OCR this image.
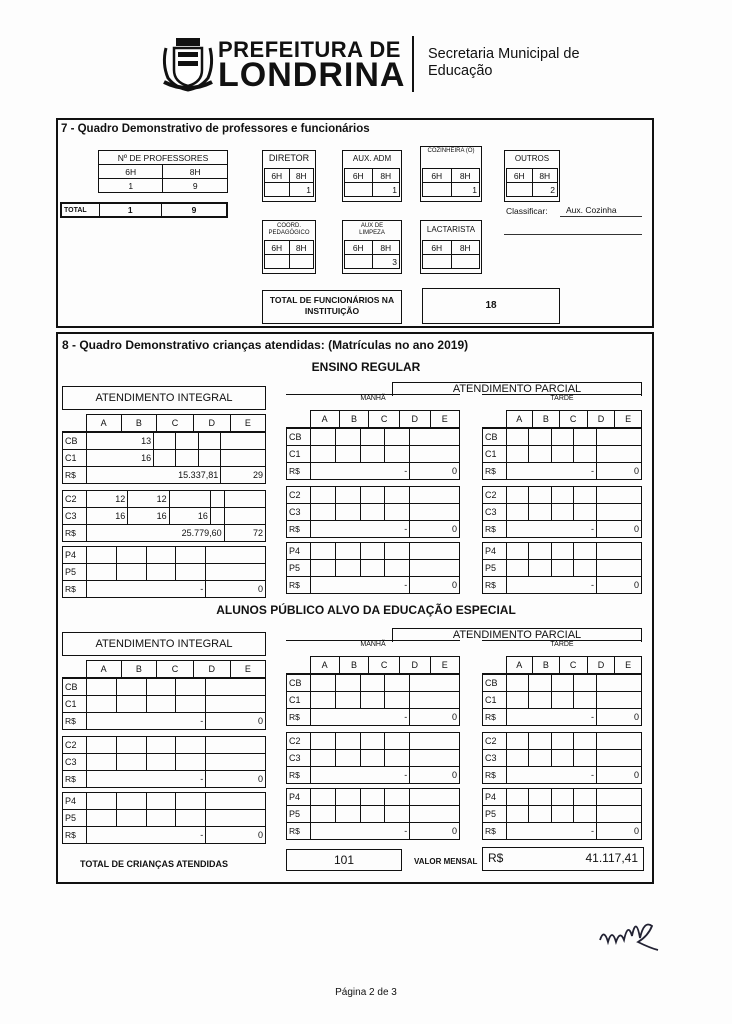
PREFEITURA DE
LONDRINA
Secretaria Municipal de Educação
7 - Quadro Demonstrativo de professores e funcionários
Nº DE PROFESSORES	
6H	8H
1	9
TOTAL	1	9
DIRETOR
6H	8H
	1
AUX. ADM
6H	8H
	1
COZINHEIRA (O)
6H	8H
	1
OUTROS
6H	8H
	2
Classificar: Aux. Cozinha
COORD. PEDAGÓGICO
6H	8H

AUX DE LIMPEZA
6H	8H
	3
LACTARISTA
6H	8H

TOTAL DE FUNCIONÁRIOS NA INSTITUIÇÃO	18
8 - Quadro Demonstrativo crianças atendidas: (Matrículas no ano 2019)
ENSINO REGULAR
ALUNOS PÚBLICO ALVO DA EDUCAÇÃO ESPECIAL
ATENDIMENTO INTEGRAL
	A	B	C	D	E
ATENDIMENTO PARCIAL
MANHÃ	TARDE
	A	B	C	D	E
		A	B	C	D	E
CB	13				
C1	16				
R$	15.337,81				29
CB					
C1					
R$	-				0
CB					
C1					
R$	-				0
C2	12	12			
C3	16	16	16		
R$	25.779,60				72
C2					
C3					
R$	-				0
C2					
C3					
R$	-				0
P4					
P5					
R$	-				0
P4					
P5					
R$	-				0
P4					
P5					
R$	-				0
ATENDIMENTO INTEGRAL
	A	B	C	D	E
ATENDIMENTO PARCIAL
MANHÃ	TARDE
	A	B	C	D	E
		A	B	C	D	E
CB					
C1					
R$	-				0
CB					
C1					
R$	-				0
CB					
C1					
R$	-				0
C2					
C3					
R$	-				0
C2					
C3					
R$	-				0
C2					
C3					
R$	-				0
P4					
P5					
R$	-				0
P4					
P5					
R$	-				0
P4					
P5					
R$	-				0
TOTAL DE CRIANÇAS ATENDIDAS	101	VALOR MENSAL R$	41.117,41
Página 2 de 3
